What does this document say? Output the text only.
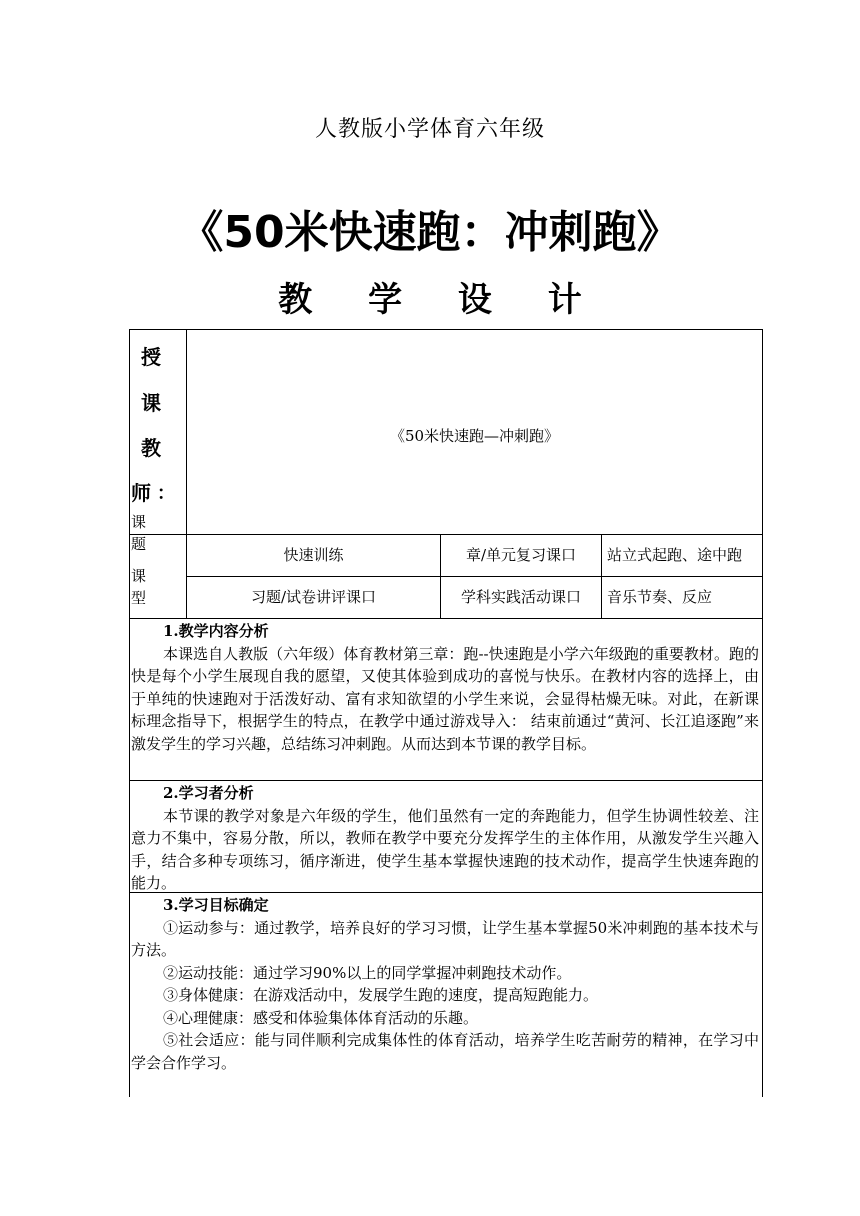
人教版小学体育六年级
《50米快速跑：冲刺跑》
教 学 设 计
授
课
教
师 ：
课　　题
《50米快速跑—冲刺跑》
课　　型
快速训练	章/单元复习课口	站立式起跑、途中跑
习题/试卷讲评课口	学科实践活动课口	音乐节奏、反应
1.教学内容分析

本课选自人教版（六年级）体育教材第三章：跑--快速跑是小学六年级跑的重要教材。跑的快是每个小学生展现自我的愿望，又使其体验到成功的喜悦与快乐。在教材内容的选择上，由于单纯的快速跑对于活泼好动、富有求知欲望的小学生来说，会显得枯燥无味。对此，在新课标理念指导下，根据学生的特点，在教学中通过游戏导入： 结束前通过“黄河、长江追逐跑”来激发学生的学习兴趣，总结练习冲刺跑。从而达到本节课的教学目标。

2.学习者分析

本节课的教学对象是六年级的学生，他们虽然有一定的奔跑能力，但学生协调性较差、注意力不集中，容易分散，所以，教师在教学中要充分发挥学生的主体作用，从激发学生兴趣入手，结合多种专项练习，循序渐进，使学生基本掌握快速跑的技术动作，提高学生快速奔跑的能力。

3.学习目标确定

①运动参与：通过教学，培养良好的学习习惯，让学生基本掌握50米冲刺跑的基本技术与方法。

②运动技能：通过学习90%以上的同学掌握冲刺跑技术动作。

③身体健康：在游戏活动中，发展学生跑的速度，提高短跑能力。

④心理健康：感受和体验集体体育活动的乐趣。

⑤社会适应：能与同伴顺利完成集体性的体育活动，培养学生吃苦耐劳的精神，在学习中学会合作学习。
